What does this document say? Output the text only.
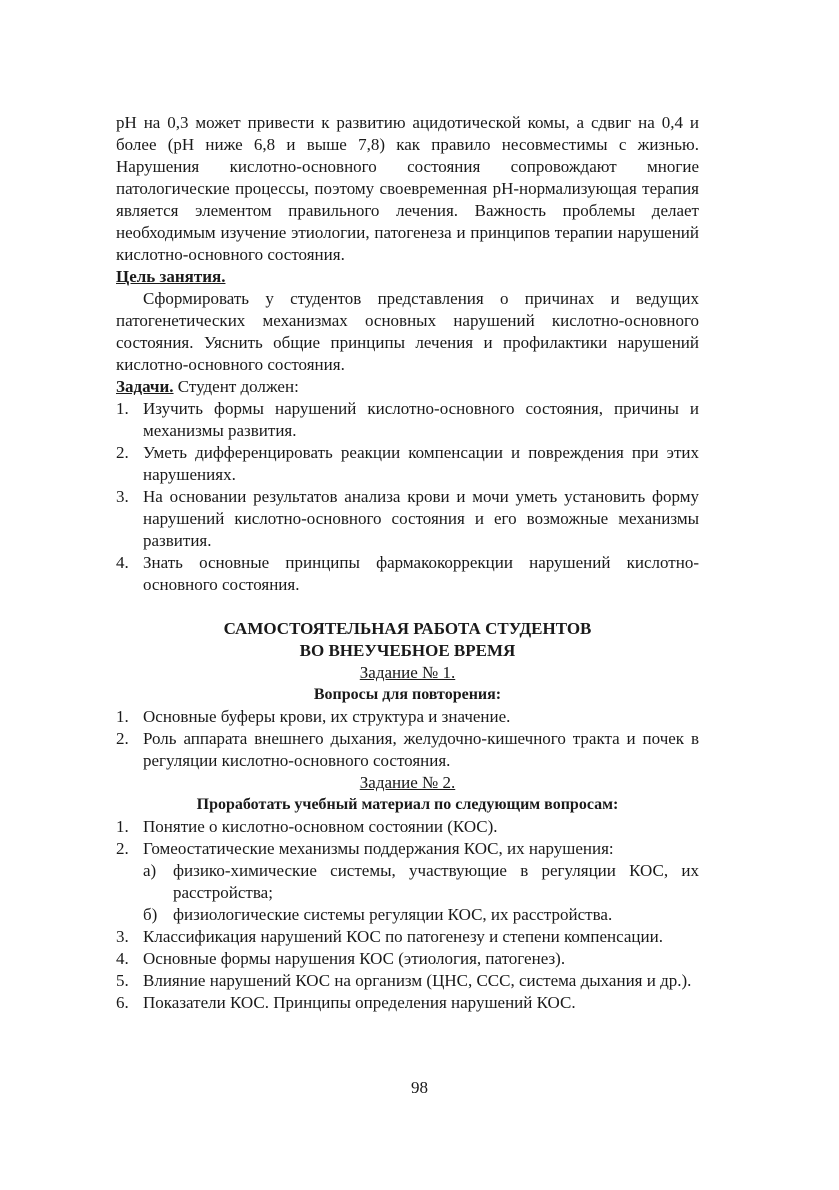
pH на 0,3 может привести к развитию ацидотической комы, а сдвиг на 0,4 и более (pH ниже 6,8 и выше 7,8) как правило несовместимы с жизнью. Нарушения кислотно-основного состояния сопровождают многие патологические процессы, поэтому своевременная pH-нормализующая терапия является элементом правильного лечения. Важность проблемы делает необходимым изучение этиологии, патогенеза и принципов терапии нарушений кислотно-основного состояния.

Цель занятия.

Сформировать у студентов представления о причинах и ведущих патогенетических механизмах основных нарушений кислотно-основного состояния. Уяснить общие принципы лечения и профилактики нарушений кислотно-основного состояния.

Задачи. Студент должен:

1. Изучить формы нарушений кислотно-основного состояния, причины и механизмы развития.
2. Уметь дифференцировать реакции компенсации и повреждения при этих нарушениях.
3. На основании результатов анализа крови и мочи уметь установить форму нарушений кислотно-основного состояния и его возможные механизмы развития.
4. Знать основные принципы фармакокоррекции нарушений кислотно-основного состояния.

САМОСТОЯТЕЛЬНАЯ РАБОТА СТУДЕНТОВ

ВО ВНЕУЧЕБНОЕ ВРЕМЯ

Задание № 1.

Вопросы для повторения:

1. Основные буферы крови, их структура и значение.
2. Роль аппарата внешнего дыхания, желудочно-кишечного тракта и почек в регуляции кислотно-основного состояния.

Задание № 2.

Проработать учебный материал по следующим вопросам:

1. Понятие о кислотно-основном состоянии (КОС).
2. Гомеостатические механизмы поддержания КОС, их нарушения:
а) физико-химические системы, участвующие в регуляции КОС, их расстройства;
б) физиологические системы регуляции КОС, их расстройства.
3. Классификация нарушений КОС по патогенезу и степени компенсации.
4. Основные формы нарушения КОС (этиология, патогенез).
5. Влияние нарушений КОС на организм (ЦНС, ССС, система дыхания и др.).
6. Показатели КОС. Принципы определения нарушений КОС.
98
